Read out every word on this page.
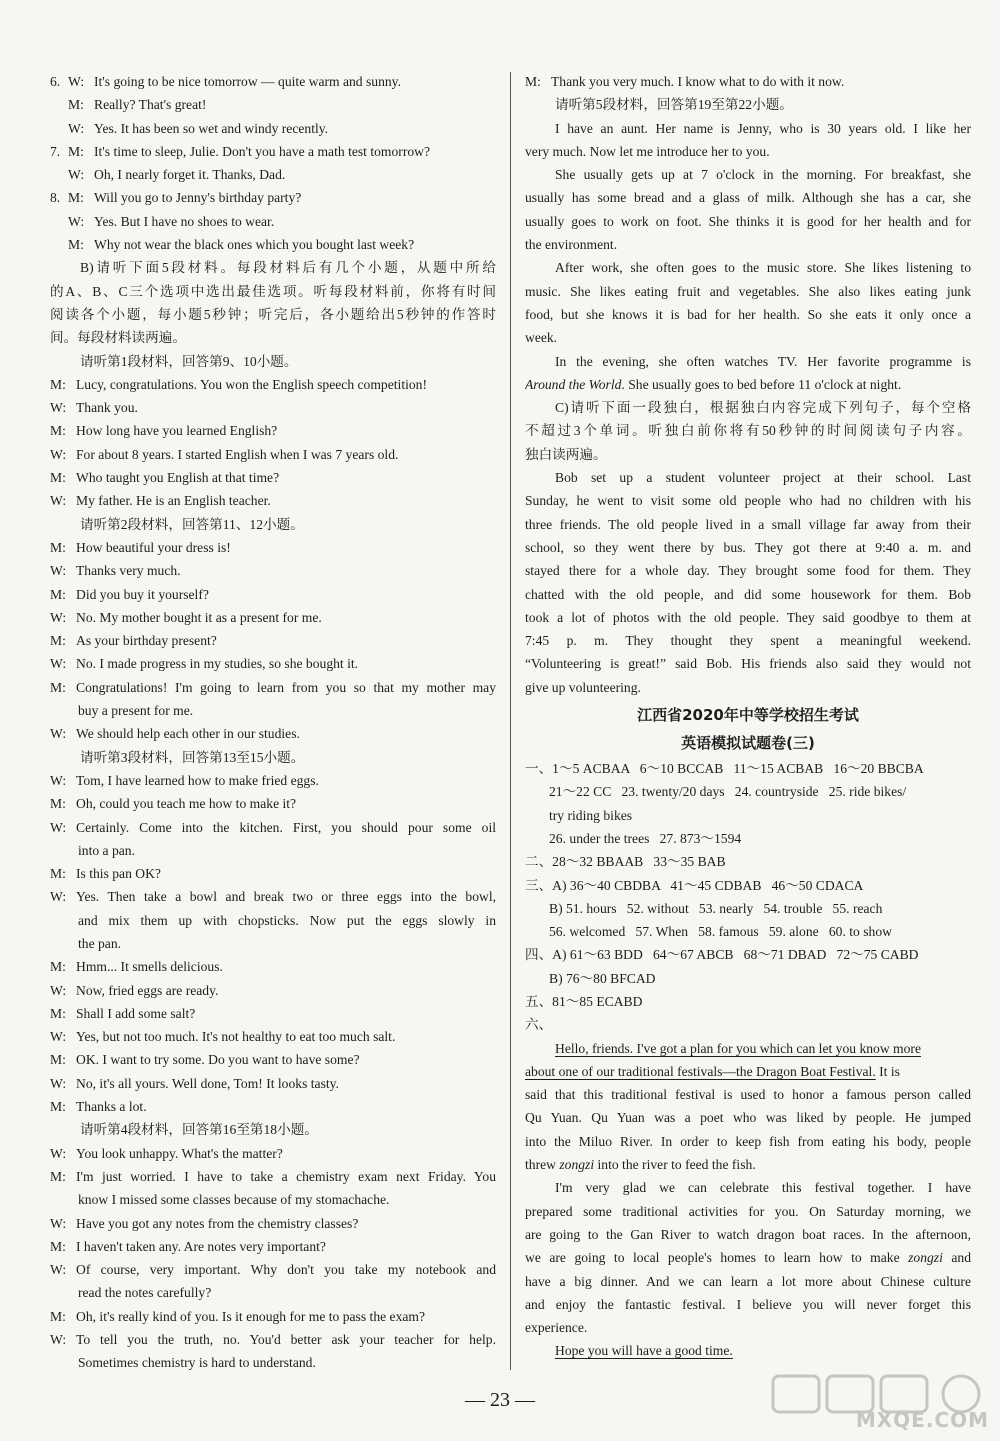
6. W: It's going to be nice tomorrow — quite warm and sunny.
M: Really? That's great!
W: Yes. It has been so wet and windy recently.
7. M: It's time to sleep, Julie. Don't you have a math test tomorrow?
W: Oh, I nearly forget it. Thanks, Dad.
8. M: Will you go to Jenny's birthday party?
W: Yes. But I have no shoes to wear.
M: Why not wear the black ones which you bought last week?
B)请听下面5段材料。每段材料后有几个小题，从题中所给
的A、B、C三个选项中选出最佳选项。听每段材料前，你将有时间
阅读各个小题，每小题5秒钟；听完后，各小题给出5秒钟的作答时
间。每段材料读两遍。
请听第1段材料，回答第9、10小题。
M: Lucy, congratulations. You won the English speech competition!
W: Thank you.
M: How long have you learned English?
W: For about 8 years. I started English when I was 7 years old.
M: Who taught you English at that time?
W: My father. He is an English teacher.
请听第2段材料，回答第11、12小题。
M: How beautiful your dress is!
W: Thanks very much.
M: Did you buy it yourself?
W: No. My mother bought it as a present for me.
M: As your birthday present?
W: No. I made progress in my studies, so she bought it.
M: Congratulations! I'm going to learn from you so that my mother may
buy a present for me.
W: We should help each other in our studies.
请听第3段材料，回答第13至15小题。
W: Tom, I have learned how to make fried eggs.
M: Oh, could you teach me how to make it?
W: Certainly. Come into the kitchen. First, you should pour some oil
into a pan.
M: Is this pan OK?
W: Yes. Then take a bowl and break two or three eggs into the bowl,
and mix them up with chopsticks. Now put the eggs slowly in
the pan.
M: Hmm... It smells delicious.
W: Now, fried eggs are ready.
M: Shall I add some salt?
W: Yes, but not too much. It's not healthy to eat too much salt.
M: OK. I want to try some. Do you want to have some?
W: No, it's all yours. Well done, Tom! It looks tasty.
M: Thanks a lot.
请听第4段材料，回答第16至第18小题。
W: You look unhappy. What's the matter?
M: I'm just worried. I have to take a chemistry exam next Friday. You
know I missed some classes because of my stomachache.
W: Have you got any notes from the chemistry classes?
M: I haven't taken any. Are notes very important?
W: Of course, very important. Why don't you take my notebook and
read the notes carefully?
M: Oh, it's really kind of you. Is it enough for me to pass the exam?
W: To tell you the truth, no. You'd better ask your teacher for help.
Sometimes chemistry is hard to understand.
M: Thank you very much. I know what to do with it now.
请听第5段材料，回答第19至第22小题。
I have an aunt. Her name is Jenny, who is 30 years old. I like her
very much. Now let me introduce her to you.
She usually gets up at 7 o'clock in the morning. For breakfast, she
usually has some bread and a glass of milk. Although she has a car, she
usually goes to work on foot. She thinks it is good for her health and for
the environment.
After work, she often goes to the music store. She likes listening to
music. She likes eating fruit and vegetables. She also likes eating junk
food, but she knows it is bad for her health. So she eats it only once a
week.
In the evening, she often watches TV. Her favorite programme is
Around the World. She usually goes to bed before 11 o'clock at night.
C)请听下面一段独白，根据独白内容完成下列句子，每个空格
不超过3个单词。听独白前你将有50秒钟的时间阅读句子内容。
独白读两遍。
Bob set up a student volunteer project at their school. Last
Sunday, he went to visit some old people who had no children with his
three friends. The old people lived in a small village far away from their
school, so they went there by bus. They got there at 9:40 a. m. and
stayed there for a whole day. They brought some food for them. They
chatted with the old people, and did some housework for them. Bob
took a lot of photos with the old people. They said goodbye to them at
7:45 p. m. They thought they spent a meaningful weekend.
“Volunteering is great!” said Bob. His friends also said they would not
give up volunteering.
江西省2020年中等学校招生考试
英语模拟试题卷(三)
一、1～5 ACBAA   6～10 BCCAB   11～15 ACBAB   16～20 BBCBA
21～22 CC   23. twenty/20 days   24. countryside   25. ride bikes/
try riding bikes
26. under the trees   27. 873～1594
二、28～32 BBAAB   33～35 BAB
三、A) 36～40 CBDBA   41～45 CDBAB   46～50 CDACA
B) 51. hours   52. without   53. nearly   54. trouble   55. reach
56. welcomed   57. When   58. famous   59. alone   60. to show
四、A) 61～63 BDD   64～67 ABCB   68～71 DBAD   72～75 CABD
B) 76～80 BFCAD
五、81～85 ECABD
六、
Hello, friends. I've got a plan for you which can let you know more
about one of our traditional festivals—the Dragon Boat Festival. It is
said that this traditional festival is used to honor a famous person called
Qu Yuan. Qu Yuan was a poet who was liked by people. He jumped
into the Miluo River. In order to keep fish from eating his body, people
threw zongzi into the river to feed the fish.
I'm very glad we can celebrate this festival together. I have
prepared some traditional activities for you. On Saturday morning, we
are going to the Gan River to watch dragon boat races. In the afternoon,
we are going to local people's homes to learn how to make zongzi and
have a big dinner. And we can learn a lot more about Chinese culture
and enjoy the fantastic festival. I believe you will never forget this
experience.
Hope you will have a good time.
— 23 —
MXQE.COM
